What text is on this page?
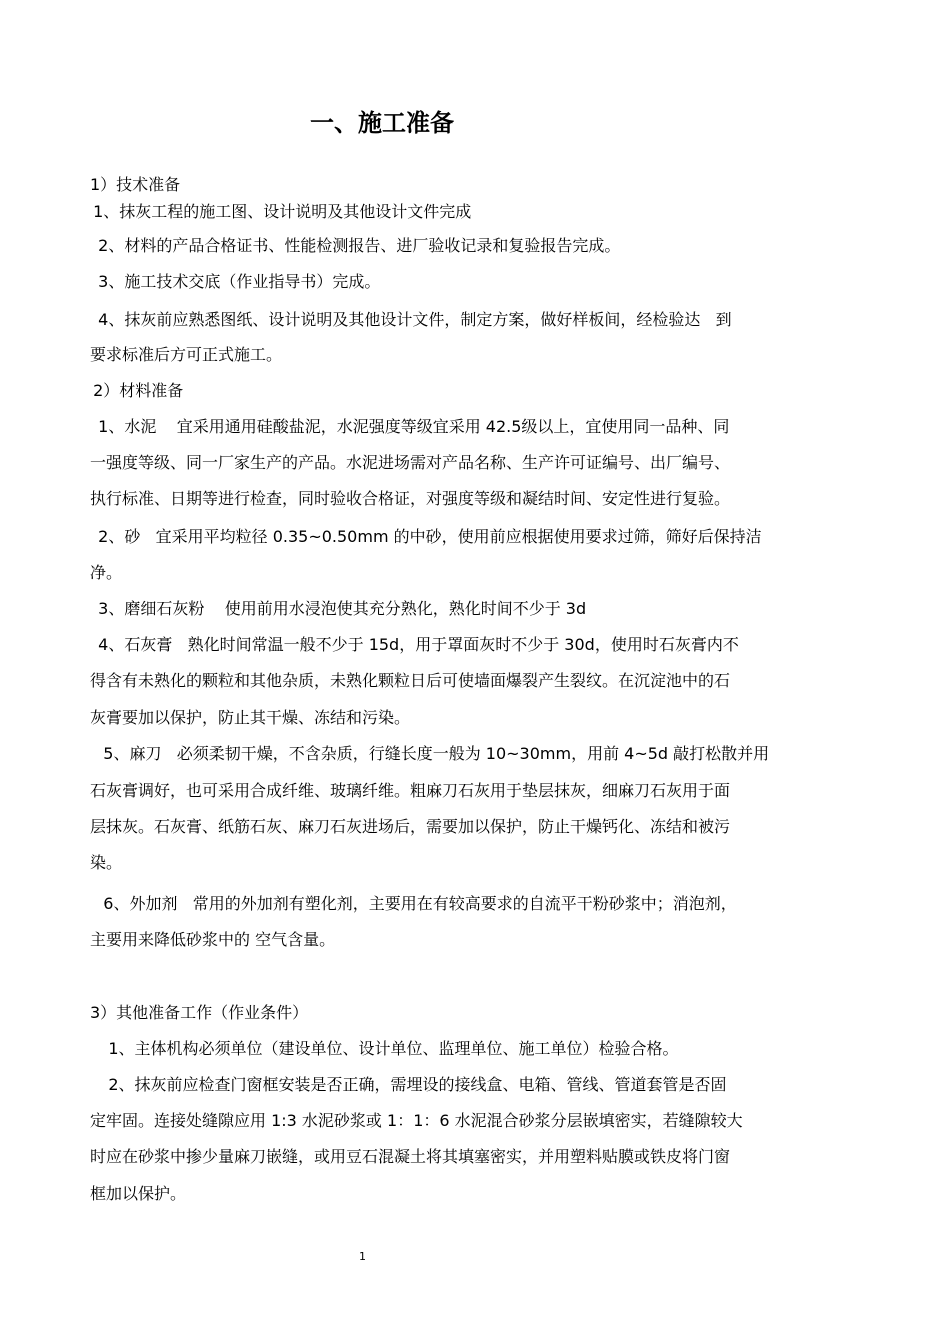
一、施工准备
1）技术准备
1、抹灰工程的施工图、设计说明及其他设计文件完成
2、材料的产品合格证书、性能检测报告、进厂验收记录和复验报告完成。
3、施工技术交底（作业指导书）完成。
4、抹灰前应熟悉图纸、设计说明及其他设计文件，制定方案，做好样板间，经检验达   到
要求标准后方可正式施工。
2）材料准备
1、水泥    宜采用通用硅酸盐泥，水泥强度等级宜采用 42.5级以上，宜使用同一品种、同
一强度等级、同一厂家生产的产品。水泥进场需对产品名称、生产许可证编号、出厂编号、
执行标准、日期等进行检查，同时验收合格证，对强度等级和凝结时间、安定性进行复验。
2、砂   宜采用平均粒径 0.35~0.50mm 的中砂，使用前应根据使用要求过筛，筛好后保持洁
净。
3、磨细石灰粉    使用前用水浸泡使其充分熟化，熟化时间不少于 3d
4、石灰膏   熟化时间常温一般不少于 15d，用于罩面灰时不少于 30d，使用时石灰膏内不
得含有未熟化的颗粒和其他杂质，未熟化颗粒日后可使墙面爆裂产生裂纹。在沉淀池中的石
灰膏要加以保护，防止其干燥、冻结和污染。
5、麻刀   必须柔韧干燥，不含杂质，行缝长度一般为 10~30mm，用前 4~5d 敲打松散并用
石灰膏调好，也可采用合成纤维、玻璃纤维。粗麻刀石灰用于垫层抹灰，细麻刀石灰用于面
层抹灰。石灰膏、纸筋石灰、麻刀石灰进场后，需要加以保护，防止干燥钙化、冻结和被污
染。
6、外加剂   常用的外加剂有塑化剂，主要用在有较高要求的自流平干粉砂浆中；消泡剂，
主要用来降低砂浆中的 空气含量。
3）其他准备工作（作业条件）
1、主体机构必须单位（建设单位、设计单位、监理单位、施工单位）检验合格。
2、抹灰前应检查门窗框安装是否正确，需埋设的接线盒、电箱、管线、管道套管是否固
定牢固。连接处缝隙应用 1:3 水泥砂浆或 1：1：6 水泥混合砂浆分层嵌填密实，若缝隙较大
时应在砂浆中掺少量麻刀嵌缝，或用豆石混凝土将其填塞密实，并用塑料贴膜或铁皮将门窗
框加以保护。
1
